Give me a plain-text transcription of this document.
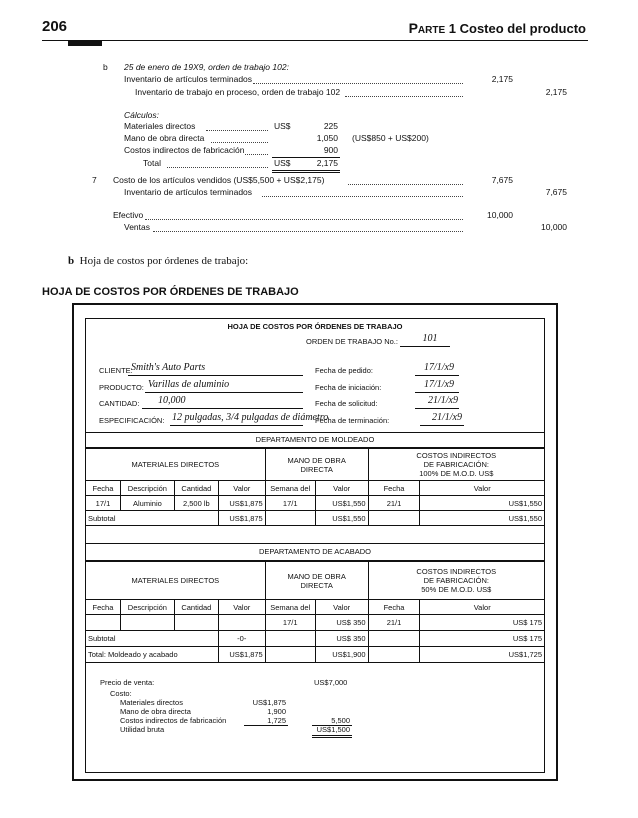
206	Parte 1 Costeo del producto
b 25 de enero de 19X9, orden de trabajo 102:
Inventario de artículos terminados	2,175
Inventario de trabajo en proceso, orden de trabajo 102	2,175
Cálculos:
Materiales directos	US$	225
Mano de obra directa	1,050 (US$850 + US$200)
Costos indirectos de fabricación	900
Total	US$	2,175
7 Costo de los artículos vendidos (US$5,500 + US$2,175)	7,675
Inventario de artículos terminados	7,675
Efectivo	10,000
Ventas	10,000
b Hoja de costos por órdenes de trabajo:
HOJA DE COSTOS POR ÓRDENES DE TRABAJO
HOJA DE COSTOS POR ÓRDENES DE TRABAJO
ORDEN DE TRABAJO No.:	101
CLIENTE:
Smith's Auto Parts
PRODUCTO: Varillas de aluminio
CANTIDAD: 10,000
ESPECIFICACIÓN: 12 pulgadas, 3/4 pulgadas de diámetro
Fecha de pedido:	17/1/x9
Fecha de iniciación:	17/1/x9
Fecha de solicitud:	21/1/x9
Fecha de terminación:	21/1/x9
DEPARTAMENTO DE MOLDEADO
MATERIALES DIRECTOS				MANO DE OBRA
DIRECTA		COSTOS INDIRECTOS
DE FABRICACIÓN:
100% DE M.O.D. US$	
Fecha	Descripción	Cantidad	Valor	Semana del	Valor	Fecha	Valor
17/1	Aluminio	2,500 lb	US$1,875	17/1	US$1,550	21/1	US$1,550
Subtotal			US$1,875		US$1,550		US$1,550
DEPARTAMENTO DE ACABADO
MATERIALES DIRECTOS				MANO DE OBRA
DIRECTA		COSTOS INDIRECTOS
DE FABRICACIÓN:
50% DE M.O.D. US$	
Fecha	Descripción	Cantidad	Valor	Semana del	Valor	Fecha	Valor
				17/1	US$ 350	21/1	US$ 175
Subtotal			-0-		US$ 350		US$ 175
Total: Moldeado y acabado			US$1,875		US$1,900		US$1,725
Precio de venta:	US$7,000
Costo:
Materiales directos	US$1,875
Mano de obra directa	1,900
Costos indirectos de fabricación	1,725	5,500
Utilidad bruta	US$1,500
